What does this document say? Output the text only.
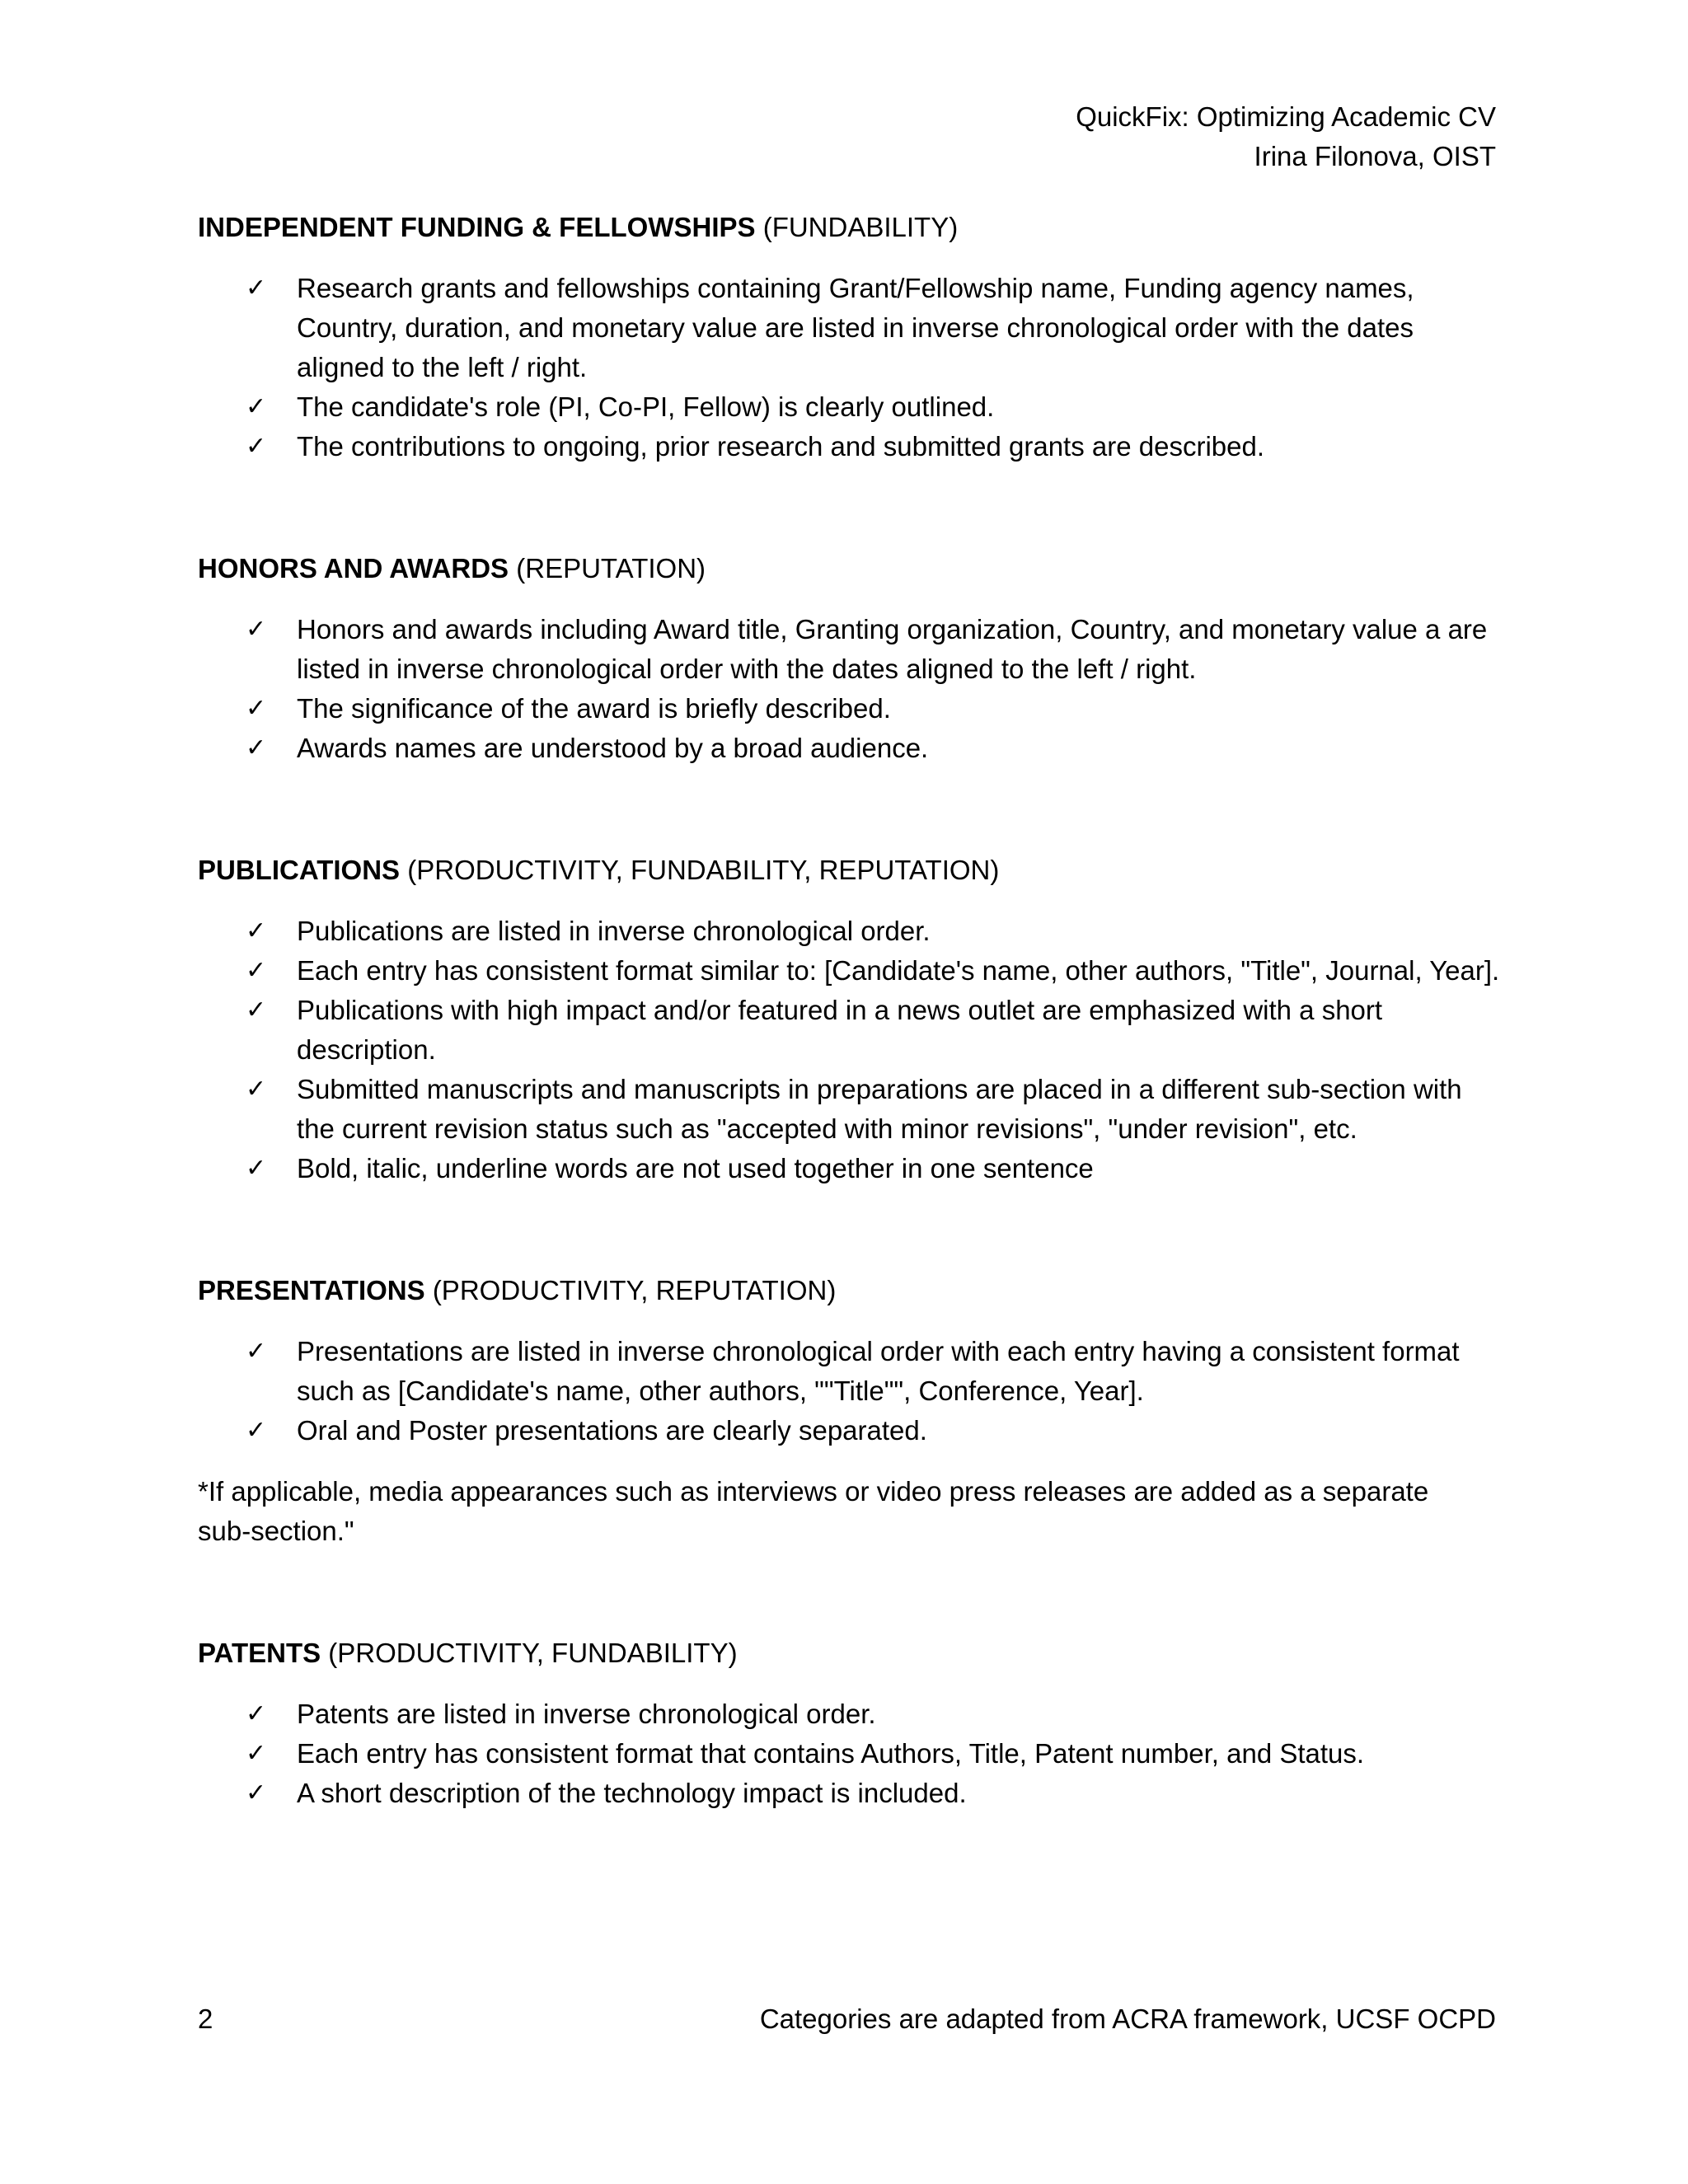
QuickFix: Optimizing Academic CV
Irina Filonova, OIST
INDEPENDENT FUNDING & FELLOWSHIPS (FUNDABILITY)
✓ Research grants and fellowships containing Grant/Fellowship name, Funding agency names, Country, duration, and monetary value are listed in inverse chronological order with the dates aligned to the left / right.
✓ The candidate's role (PI, Co-PI, Fellow) is clearly outlined.
✓ The contributions to ongoing, prior research and submitted grants are described.
HONORS AND AWARDS (REPUTATION)
✓ Honors and awards including Award title, Granting organization, Country, and monetary value a are listed in inverse chronological order with the dates aligned to the left / right.
✓ The significance of the award is briefly described.
✓ Awards names are understood by a broad audience.
PUBLICATIONS (PRODUCTIVITY, FUNDABILITY, REPUTATION)
✓ Publications are listed in inverse chronological order.
✓ Each entry has consistent format similar to: [Candidate's name, other authors, "Title", Journal, Year].
✓ Publications with high impact and/or featured in a news outlet are emphasized with a short description.
✓ Submitted manuscripts and manuscripts in preparations are placed in a different sub-section with the current revision status such as "accepted with minor revisions", "under revision", etc.
✓ Bold, italic, underline words are not used together in one sentence
PRESENTATIONS (PRODUCTIVITY, REPUTATION)
✓ Presentations are listed in inverse chronological order with each entry having a consistent format such as [Candidate's name, other authors, ""Title"", Conference, Year].
✓ Oral and Poster presentations are clearly separated.
*If applicable, media appearances such as interviews or video press releases are added as a separate sub-section."
PATENTS (PRODUCTIVITY, FUNDABILITY)
✓ Patents are listed in inverse chronological order.
✓ Each entry has consistent format that contains Authors, Title, Patent number, and Status.
✓ A short description of the technology impact is included.
2	Categories are adapted from ACRA framework, UCSF OCPD
